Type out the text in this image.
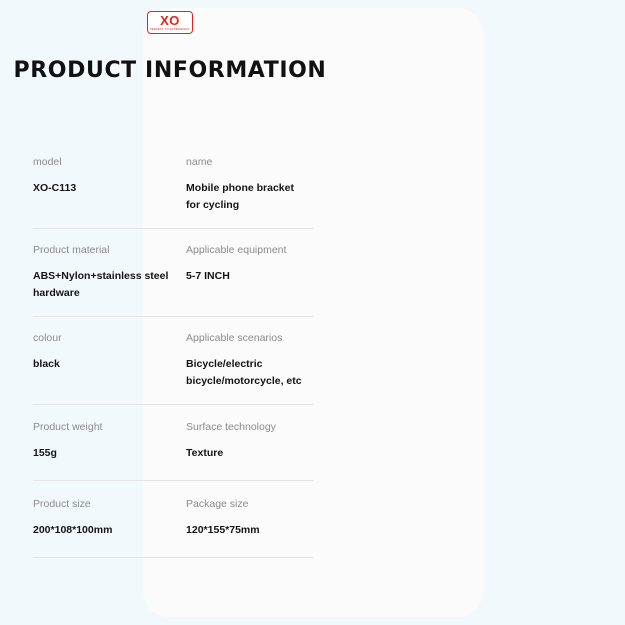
XO
PERFECT TO EXPERIENCE
PRODUCT INFORMATION
model
XO-C113
name
Mobile phone bracket for cycling
Product material
ABS+Nylon+stainless steel hardware
Applicable equipment
5-7 INCH
colour
black
Applicable scenarios
Bicycle/electric bicycle/motorcycle, etc
Product weight
155g
Surface technology
Texture
Product size
200*108*100mm
Package size
120*155*75mm
